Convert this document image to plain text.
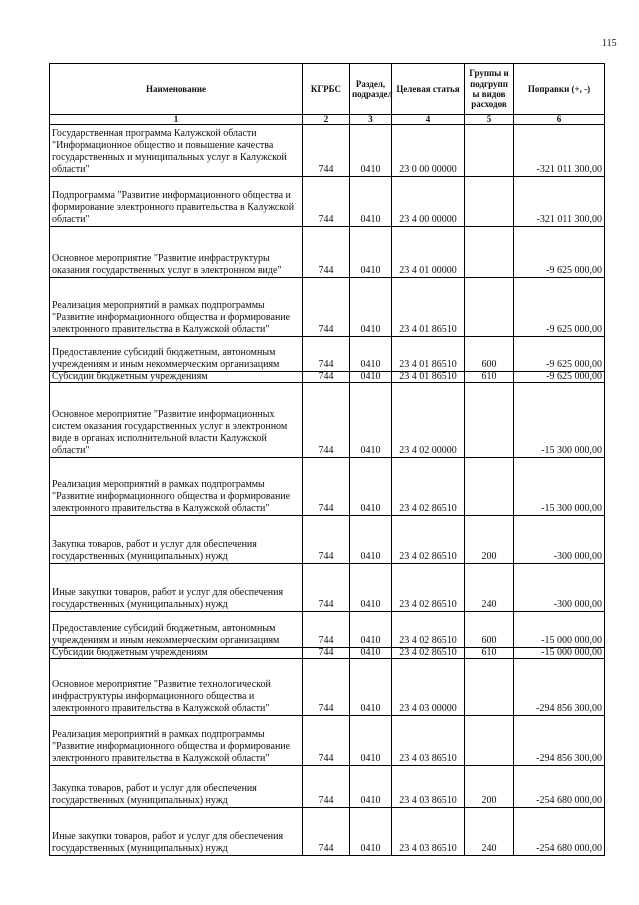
115
Наименование	КГРБС	Раздел, подраздел	Целевая статья	Группы и подгрупп ы видов расходов	Поправки (+, -)
1	2	3	4	5	6
Государственная программа Калужской области "Информационное общество и повышение качества государственных и муниципальных услуг в Калужской области"	744	0410	23 0 00 00000		-321 011 300,00
Подпрограмма "Развитие информационного общества и формирование электронного правительства в Калужской области"	744	0410	23 4 00 00000		-321 011 300,00
Основное мероприятие "Развитие инфраструктуры оказания государственных услуг в электронном виде"	744	0410	23 4 01 00000		-9 625 000,00
Реализация мероприятий в рамках подпрограммы "Развитие информационного общества и формирование электронного правительства в Калужской области"	744	0410	23 4 01 86510		-9 625 000,00
Предоставление субсидий бюджетным, автономным учреждениям и иным некоммерческим организациям	744	0410	23 4 01 86510	600	-9 625 000,00
Субсидии бюджетным учреждениям	744	0410	23 4 01 86510	610	-9 625 000,00
Основное мероприятие "Развитие информационных систем оказания государственных услуг в электронном виде в органах исполнительной власти Калужской области"	744	0410	23 4 02 00000		-15 300 000,00
Реализация мероприятий в рамках подпрограммы "Развитие информационного общества и формирование электронного правительства в Калужской области"	744	0410	23 4 02 86510		-15 300 000,00
Закупка товаров, работ и услуг для обеспечения государственных (муниципальных) нужд	744	0410	23 4 02 86510	200	-300 000,00
Иные закупки товаров, работ и услуг для обеспечения государственных (муниципальных) нужд	744	0410	23 4 02 86510	240	-300 000,00
Предоставление субсидий бюджетным, автономным учреждениям и иным некоммерческим организациям	744	0410	23 4 02 86510	600	-15 000 000,00
Субсидии бюджетным учреждениям	744	0410	23 4 02 86510	610	-15 000 000,00
Основное мероприятие "Развитие технологической инфраструктуры информационного общества и электронного правительства в Калужской области"	744	0410	23 4 03 00000		-294 856 300,00
Реализация мероприятий в рамках подпрограммы "Развитие информационного общества и формирование электронного правительства в Калужской области"	744	0410	23 4 03 86510		-294 856 300,00
Закупка товаров, работ и услуг для обеспечения государственных (муниципальных) нужд	744	0410	23 4 03 86510	200	-254 680 000,00
Иные закупки товаров, работ и услуг для обеспечения государственных (муниципальных) нужд	744	0410	23 4 03 86510	240	-254 680 000,00
